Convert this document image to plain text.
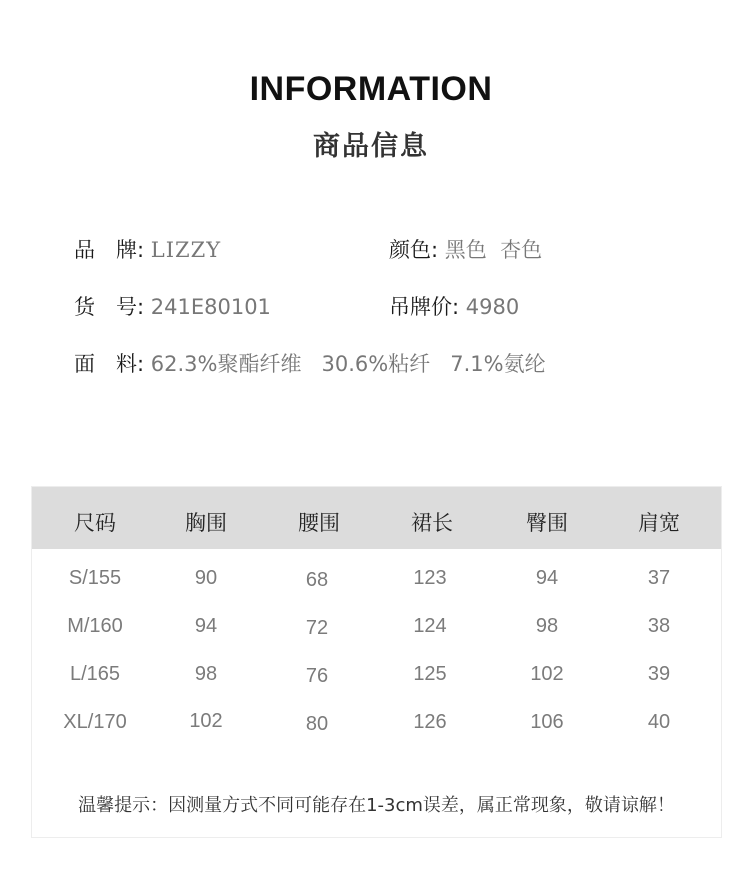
INFORMATION
商品信息
品　牌: LIZZY	颜色: 黑色  杏色
货　号: 241E80101	吊牌价: 4980
面　料: 62.3%聚酯纤维   30.6%粘纤   7.1%氨纶
尺码	胸围	腰围	裙长	臀围	肩宽
S/155	90	68	123	94	37
M/160	94	72	124	98	38
L/165	98	76	125	102	39
XL/170	102	80	126	106	40
温馨提示：因测量方式不同可能存在1-3cm误差，属正常现象，敬请谅解！
